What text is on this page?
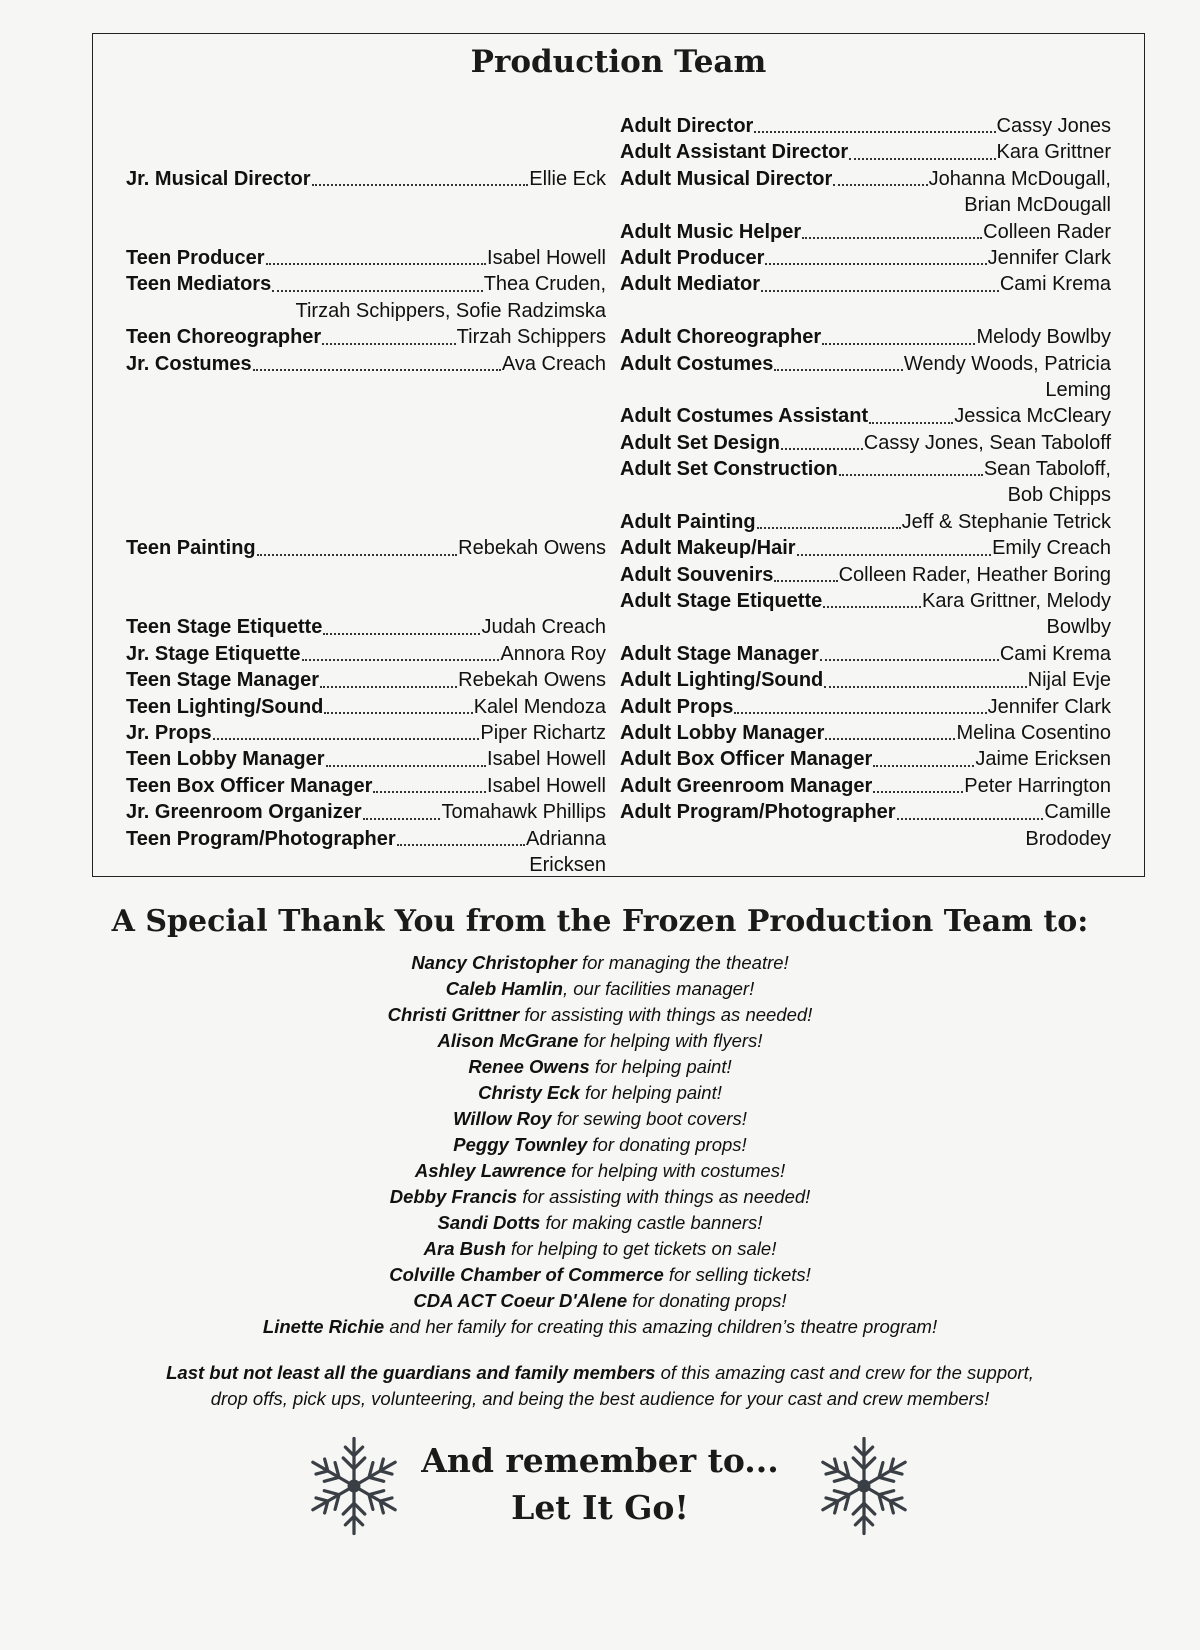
Production Team
Jr. Musical Director	Ellie Eck
Teen Producer	Isabel Howell
Teen Mediators	Thea Cruden,
Tirzah Schippers, Sofie Radzimska
Teen Choreographer	Tirzah Schippers
Jr. Costumes	Ava Creach
Teen Painting	Rebekah Owens
Teen Stage Etiquette	Judah Creach
Jr. Stage Etiquette	Annora Roy
Teen Stage Manager	Rebekah Owens
Teen Lighting/Sound	Kalel Mendoza
Jr. Props	Piper Richartz
Teen Lobby Manager	Isabel Howell
Teen Box Officer Manager	Isabel Howell
Jr. Greenroom Organizer	Tomahawk Phillips
Teen Program/Photographer	Adrianna
Ericksen
Adult Director	Cassy Jones
Adult Assistant Director	Kara Grittner
Adult Musical Director	Johanna McDougall,
Brian McDougall
Adult Music Helper	Colleen Rader
Adult Producer	Jennifer Clark
Adult Mediator	Cami Krema
Adult Choreographer	Melody Bowlby
Adult Costumes	Wendy Woods, Patricia
Leming
Adult Costumes Assistant	Jessica McCleary
Adult Set Design	Cassy Jones, Sean Taboloff
Adult Set Construction	Sean Taboloff,
Bob Chipps
Adult Painting	Jeff & Stephanie Tetrick
Adult Makeup/Hair	Emily Creach
Adult Souvenirs	Colleen Rader, Heather Boring
Adult Stage Etiquette	Kara Grittner, Melody
Bowlby
Adult Stage Manager	Cami Krema
Adult Lighting/Sound	Nijal Evje
Adult Props	Jennifer Clark
Adult Lobby Manager	Melina Cosentino
Adult Box Officer Manager	Jaime Ericksen
Adult Greenroom Manager	Peter Harrington
Adult Program/Photographer	Camille
Brododey
A Special Thank You from the Frozen Production Team to:
Nancy Christopher for managing the theatre!
Caleb Hamlin, our facilities manager!
Christi Grittner for assisting with things as needed!
Alison McGrane for helping with flyers!
Renee Owens for helping paint!
Christy Eck for helping paint!
Willow Roy for sewing boot covers!
Peggy Townley for donating props!
Ashley Lawrence for helping with costumes!
Debby Francis for assisting with things as needed!
Sandi Dotts for making castle banners!
Ara Bush for helping to get tickets on sale!
Colville Chamber of Commerce for selling tickets!
CDA ACT Coeur D'Alene for donating props!
Linette Richie and her family for creating this amazing children’s theatre program!
Last but not least all the guardians and family members of this amazing cast and crew for the support,
drop offs, pick ups, volunteering, and being the best audience for your cast and crew members!
And remember to...
Let It Go!
